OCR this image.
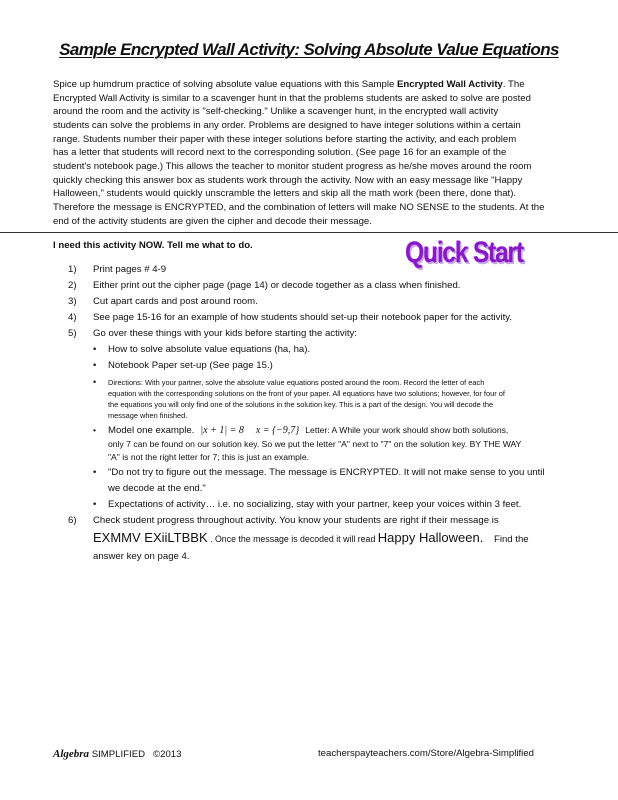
Sample Encrypted Wall Activity: Solving Absolute Value Equations
Spice up humdrum practice of solving absolute value equations with this Sample Encrypted Wall Activity. The
Encrypted Wall Activity is similar to a scavenger hunt in that the problems students are asked to solve are posted
around the room and the activity is "self-checking." Unlike a scavenger hunt, in the encrypted wall activity
students can solve the problems in any order. Problems are designed to have integer solutions within a certain
range. Students number their paper with these integer solutions before starting the activity, and each problem
has a letter that students will record next to the corresponding solution. (See page 16 for an example of the
student's notebook page.) This allows the teacher to monitor student progress as he/she moves around the room
quickly checking this answer box as students work through the activity. Now with an easy message like "Happy
Halloween," students would quickly unscramble the letters and skip all the math work (been there, done that).
Therefore the message is ENCRYPTED, and the combination of letters will make NO SENSE to the students. At the
end of the activity students are given the cipher and decode their message.
I need this activity NOW. Tell me what to do.	Quick Start
1) Print pages # 4-9
2) Either print out the cipher page (page 14) or decode together as a class when finished.
3) Cut apart cards and post around room.
4) See page 15-16 for an example of how students should set-up their notebook paper for the activity.
5) Go over these things with your kids before starting the activity:
• How to solve absolute value equations (ha, ha).
• Notebook Paper set-up (See page 15.)
• Directions: With your partner, solve the absolute value equations posted around the room. Record the letter of each
equation with the corresponding solutions on the front of your paper. All equations have two solutions; however, for four of
the equations you will only find one of the solutions in the solution key. This is a part of the design. You will decode the
message when finished.
• Model one example. |x + 1| = 8 x = {−9,7} Letter: A While your work should show both solutions,
only 7 can be found on our solution key. So we put the letter "A" next to "7" on the solution key. BY THE WAY
"A" is not the right letter for 7; this is just an example.
• "Do not try to figure out the message. The message is ENCRYPTED. It will not make sense to you until
we decode at the end."
• Expectations of activity… i.e. no socializing, stay with your partner, keep your voices within 3 feet.
6) Check student progress throughout activity. You know your students are right if their message is
EXMMV EXiiLTBBK . Once the message is decoded it will read Happy Halloween.    Find the
answer key on page 4.
Algebra SIMPLIFIED   ©2013	teacherspayteachers.com/Store/Algebra-Simplified
